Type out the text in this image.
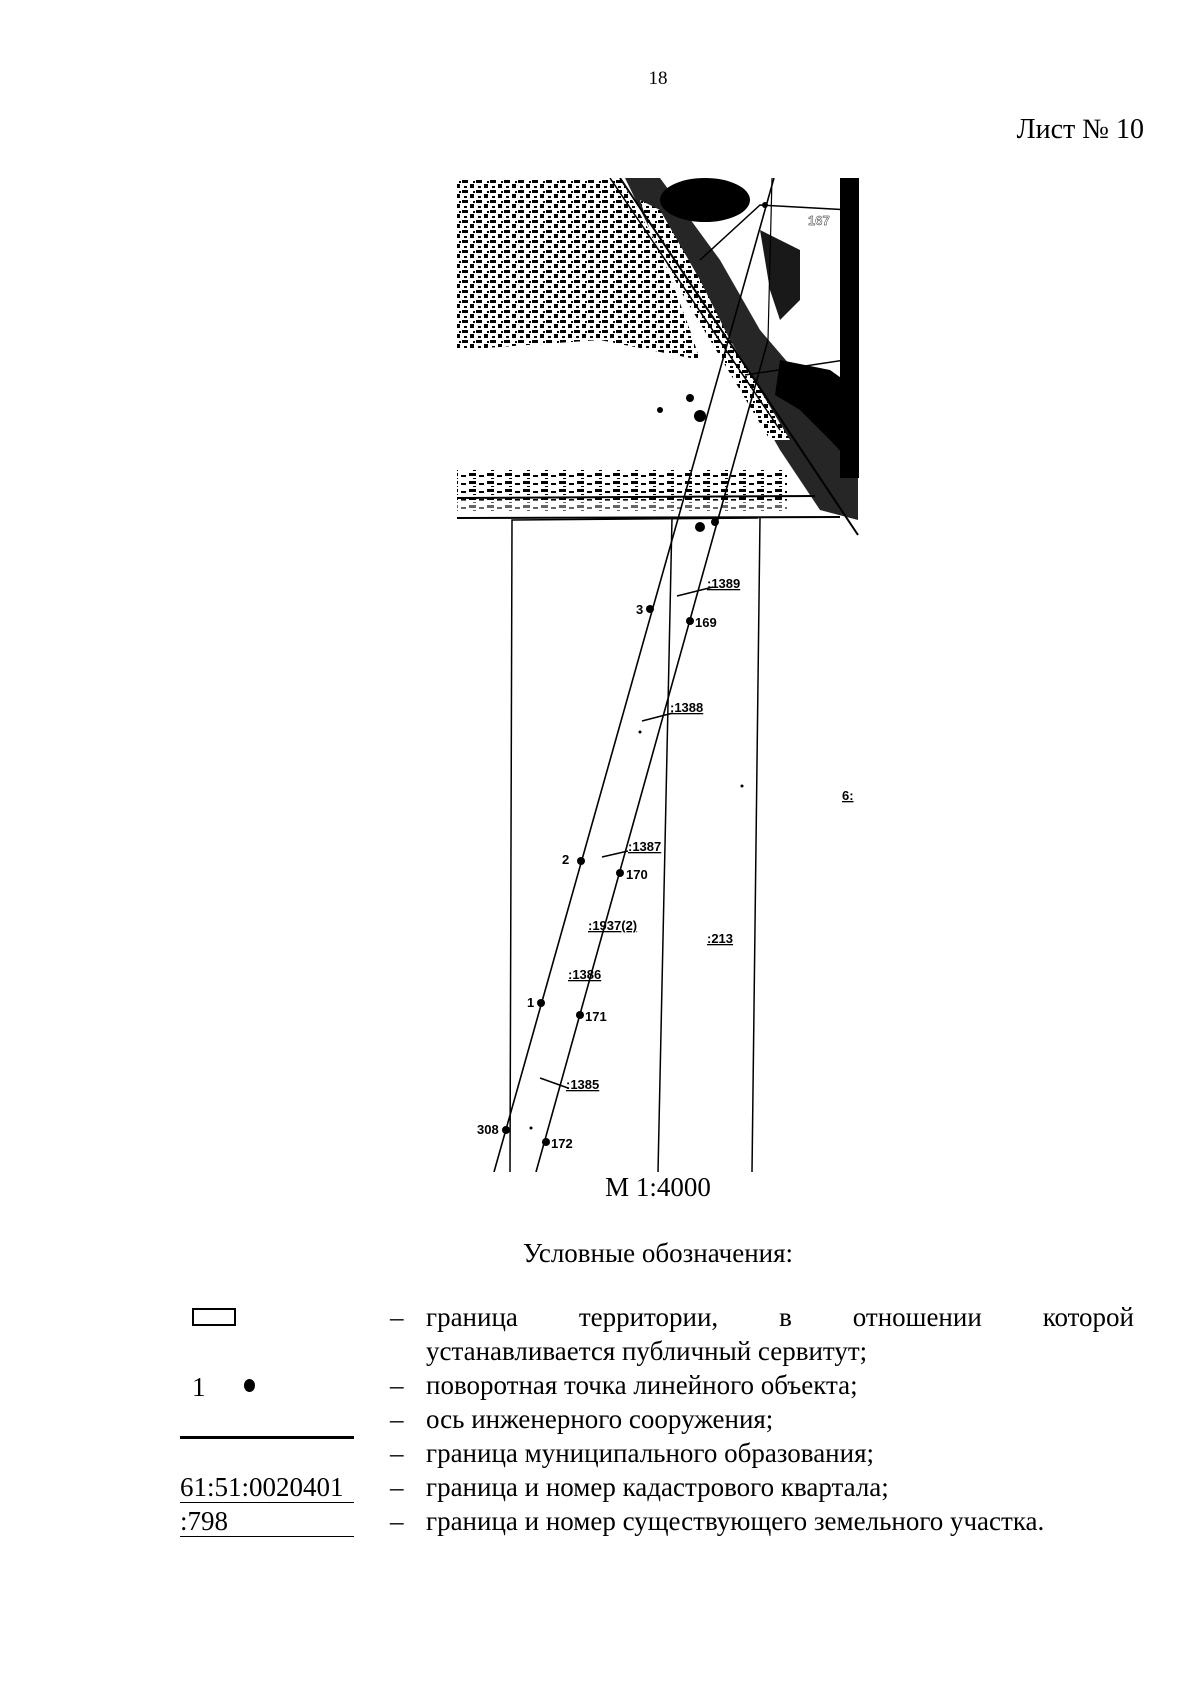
18
Лист № 10
3
2
1
308
169
170
171
172
167
:1389
:1388
:1387
:1937(2)
:1386
:1385
:213
6:
М 1:4000
Условные обозначения:
– граница территории, в отношении которой
устанавливается публичный сервитут;
1	– поворотная точка линейного объекта;
– ось инженерного сооружения;
– граница муниципального образования;
61:51:0020401	– граница и номер кадастрового квартала;
:798	– граница и номер существующего земельного участка.
